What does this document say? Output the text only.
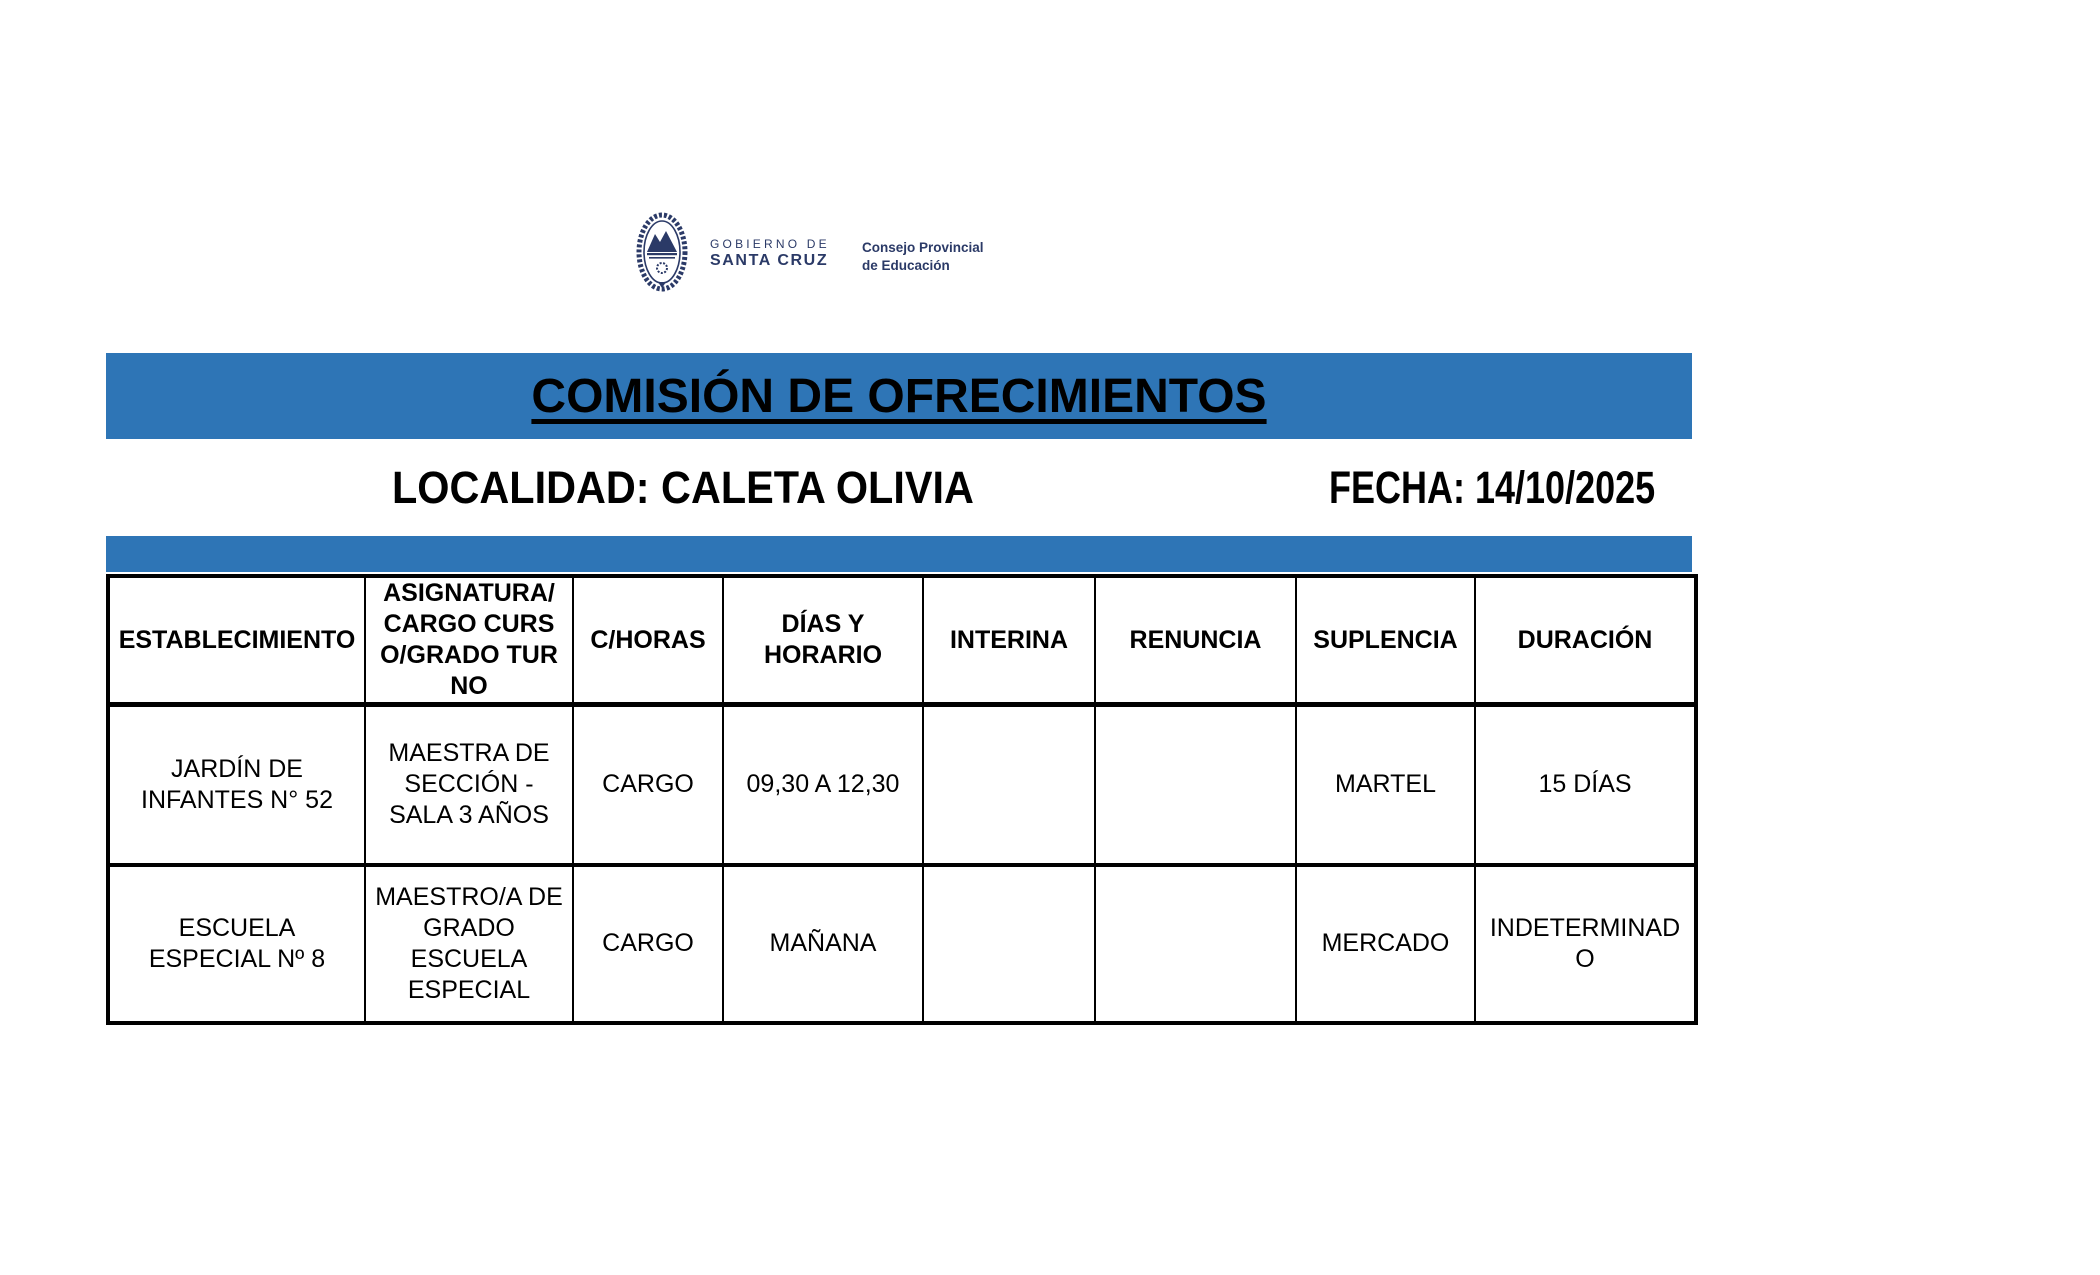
GOBIERNO DE
SANTA CRUZ
Consejo Provincial
de Educación
COMISIÓN DE OFRECIMIENTOS
LOCALIDAD: CALETA OLIVIA	FECHA: 14/10/2025
ESTABLECIMIENTO	ASIGNATURA/ CARGO CURSO/GRADO TURNO	C/HORAS	DÍAS Y HORARIO	INTERINA	RENUNCIA	SUPLENCIA	DURACIÓN
JARDÍN DE INFANTES N° 52	MAESTRA DE SECCIÓN - SALA 3 AÑOS	CARGO	09,30 A 12,30			MARTEL	15 DÍAS
ESCUELA ESPECIAL Nº 8	MAESTRO/A DE GRADO ESCUELA ESPECIAL	CARGO	MAÑANA			MERCADO	INDETERMINADO
